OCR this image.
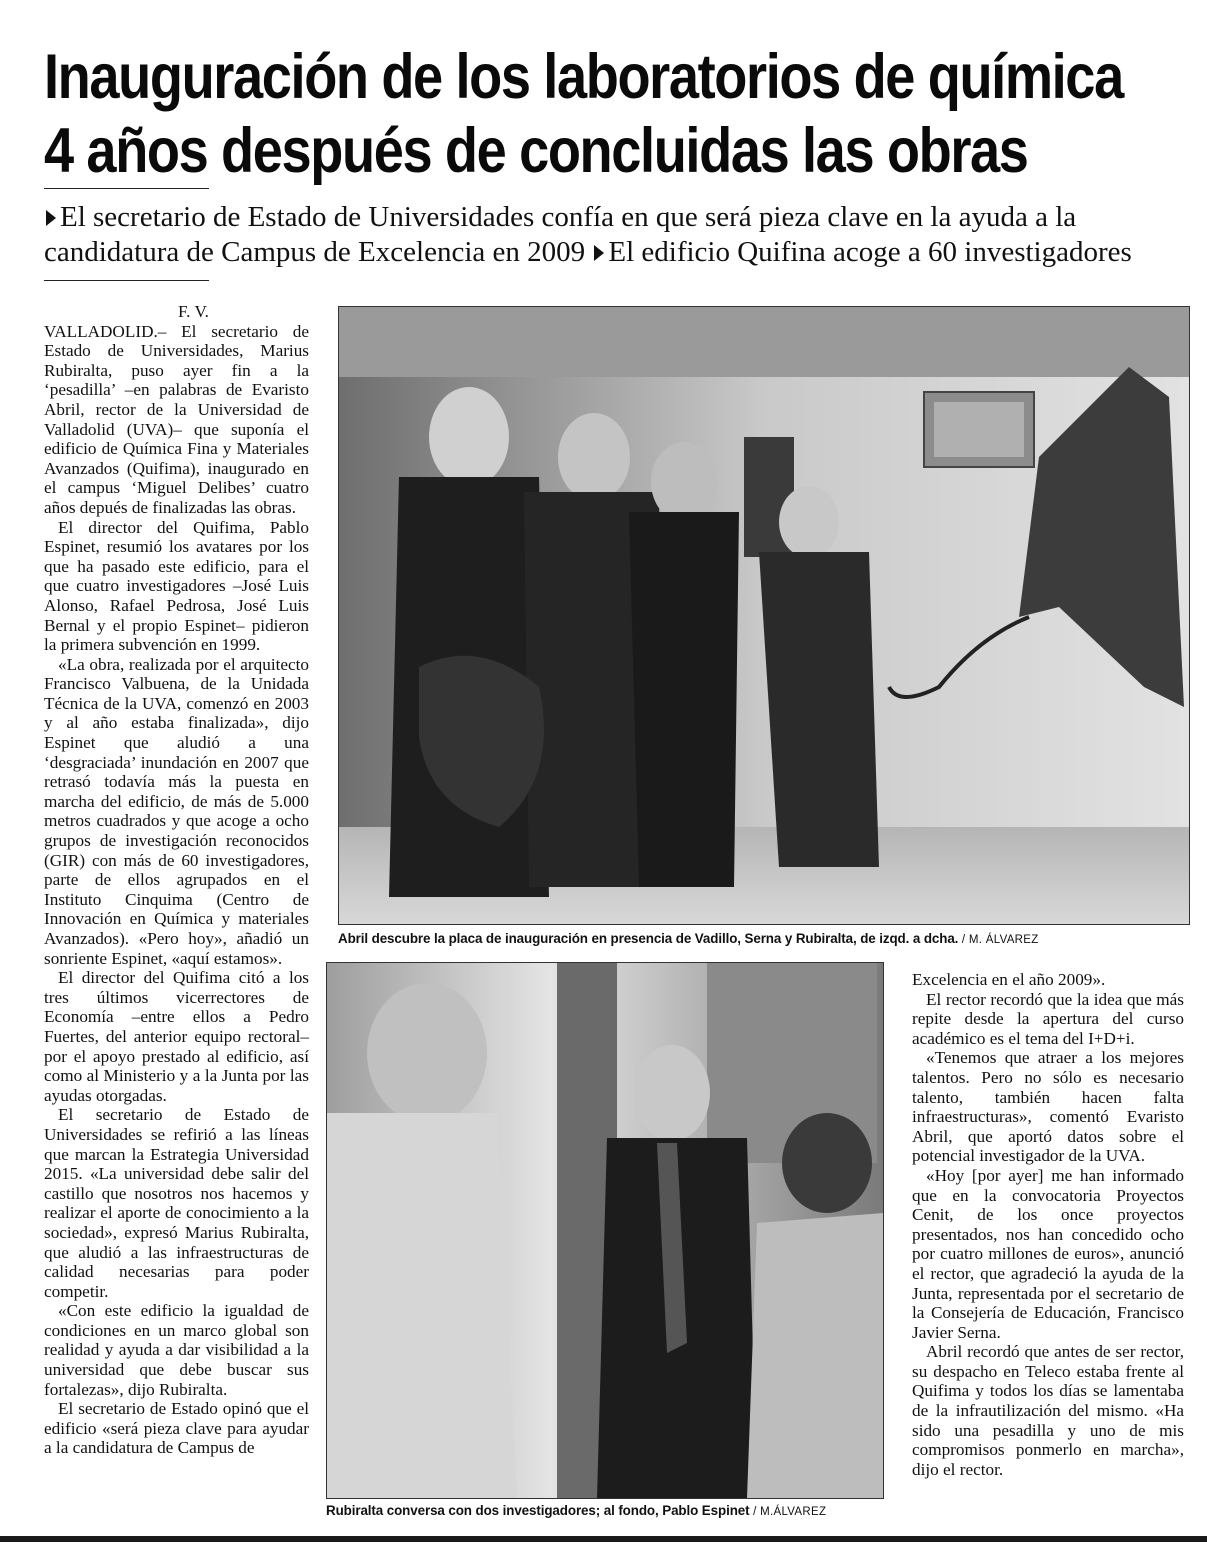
Inauguración de los laboratorios de química
4 años después de concluidas las obras
El secretario de Estado de Universidades confía en que será pieza clave en la ayuda a la
candidatura de Campus de Excelencia en 2009 El edificio Quifina acoge a 60 investigadores

F. V.

VALLADOLID.– El secretario de Estado de Universidades, Marius Rubiralta, puso ayer fin a la ‘pesadilla’ –en palabras de Evaristo Abril, rector de la Universidad de Valladolid (UVA)– que suponía el edificio de Química Fina y Materiales Avanzados (Quifima), inaugurado en el campus ‘Miguel Delibes’ cuatro años depués de finalizadas las obras.

El director del Quifima, Pablo Espinet, resumió los avatares por los que ha pasado este edificio, para el que cuatro investigadores –José Luis Alonso, Rafael Pedrosa, José Luis Bernal y el propio Espinet– pidieron la primera subvención en 1999.

«La obra, realizada por el arquitecto Francisco Valbuena, de la Unidada Técnica de la UVA, comenzó en 2003 y al año estaba finalizada», dijo Espinet que aludió a una ‘desgraciada’ inundación en 2007 que retrasó todavía más la puesta en marcha del edificio, de más de 5.000 metros cuadrados y que acoge a ocho grupos de investigación reconocidos (GIR) con más de 60 investigadores, parte de ellos agrupados en el Instituto Cinquima (Centro de Innovación en Química y materiales Avanzados). «Pero hoy», añadió un sonriente Espinet, «aquí estamos».

El director del Quifima citó a los tres últimos vicerrectores de Economía –entre ellos a Pedro Fuertes, del anterior equipo rectoral– por el apoyo prestado al edificio, así como al Ministerio y a la Junta por las ayudas otorgadas.

El secretario de Estado de Universidades se refirió a las líneas que marcan la Estrategia Universidad 2015. «La universidad debe salir del castillo que nosotros nos hacemos y realizar el aporte de conocimiento a la sociedad», expresó Marius Rubiralta, que aludió a las infraestructuras de calidad necesarias para poder competir.

«Con este edificio la igualdad de condiciones en un marco global son realidad y ayuda a dar visibilidad a la universidad que debe buscar sus fortalezas», dijo Rubiralta.

El secretario de Estado opinó que el edificio «será pieza clave para ayudar a la candidatura de Campus de

Abril descubre la placa de inauguración en presencia de Vadillo, Serna y Rubiralta, de izqd. a dcha. / M. ÁLVAREZ
Rubiralta conversa con dos investigadores; al fondo, Pablo Espinet / M.ÁLVAREZ

Excelencia en el año 2009».

El rector recordó que la idea que más repite desde la apertura del curso académico es el tema del I+D+i.

«Tenemos que atraer a los mejores talentos. Pero no sólo es necesario talento, también hacen falta infraestructuras», comentó Evaristo Abril, que aportó datos sobre el potencial investigador de la UVA.

«Hoy [por ayer] me han informado que en la convocatoria Proyectos Cenit, de los once proyectos presentados, nos han concedido ocho por cuatro millones de euros», anunció el rector, que agradeció la ayuda de la Junta, representada por el secretario de la Consejería de Educación, Francisco Javier Serna.

Abril recordó que antes de ser rector, su despacho en Teleco estaba frente al Quifima y todos los días se lamentaba de la infrautilización del mismo. «Ha sido una pesadilla y uno de mis compromisos ponmerlo en marcha», dijo el rector.
